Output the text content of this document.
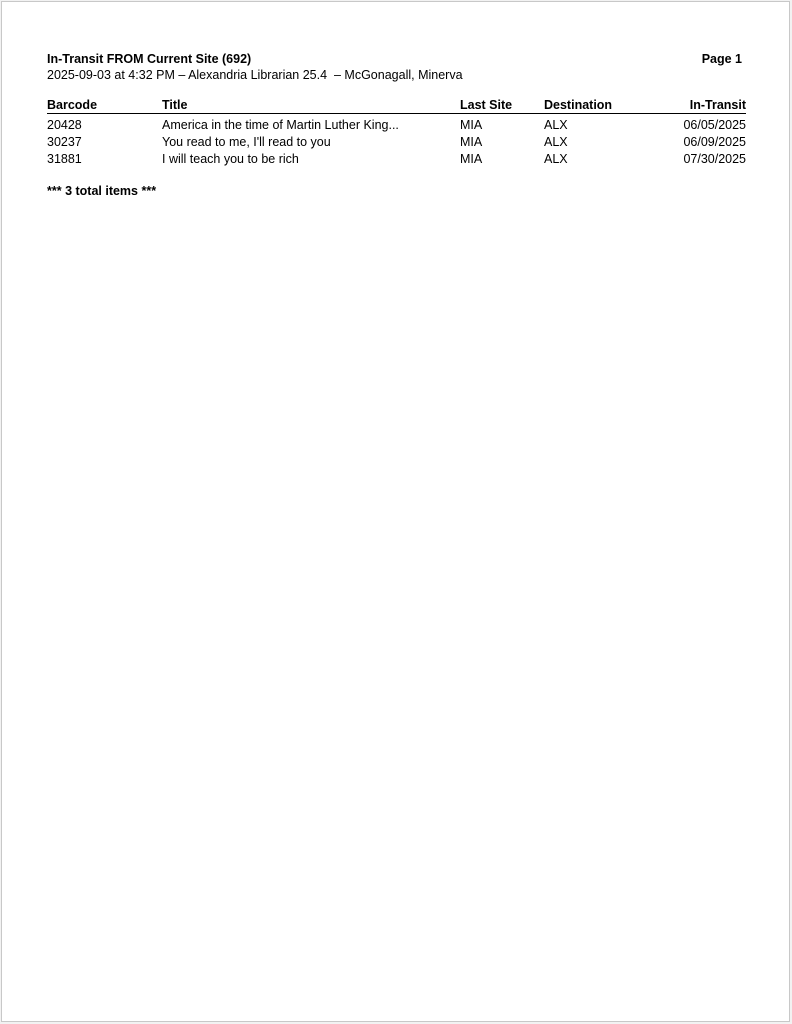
In-Transit FROM Current Site (692)	Page 1
2025-09-03 at 4:32 PM – Alexandria Librarian 25.4  – McGonagall, Minerva
Barcode	Title	Last Site	Destination	In-Transit
20428	America in the time of Martin Luther King...	MIA	ALX	06/05/2025
30237	You read to me, I'll read to you	MIA	ALX	06/09/2025
31881	I will teach you to be rich	MIA	ALX	07/30/2025
*** 3 total items ***
